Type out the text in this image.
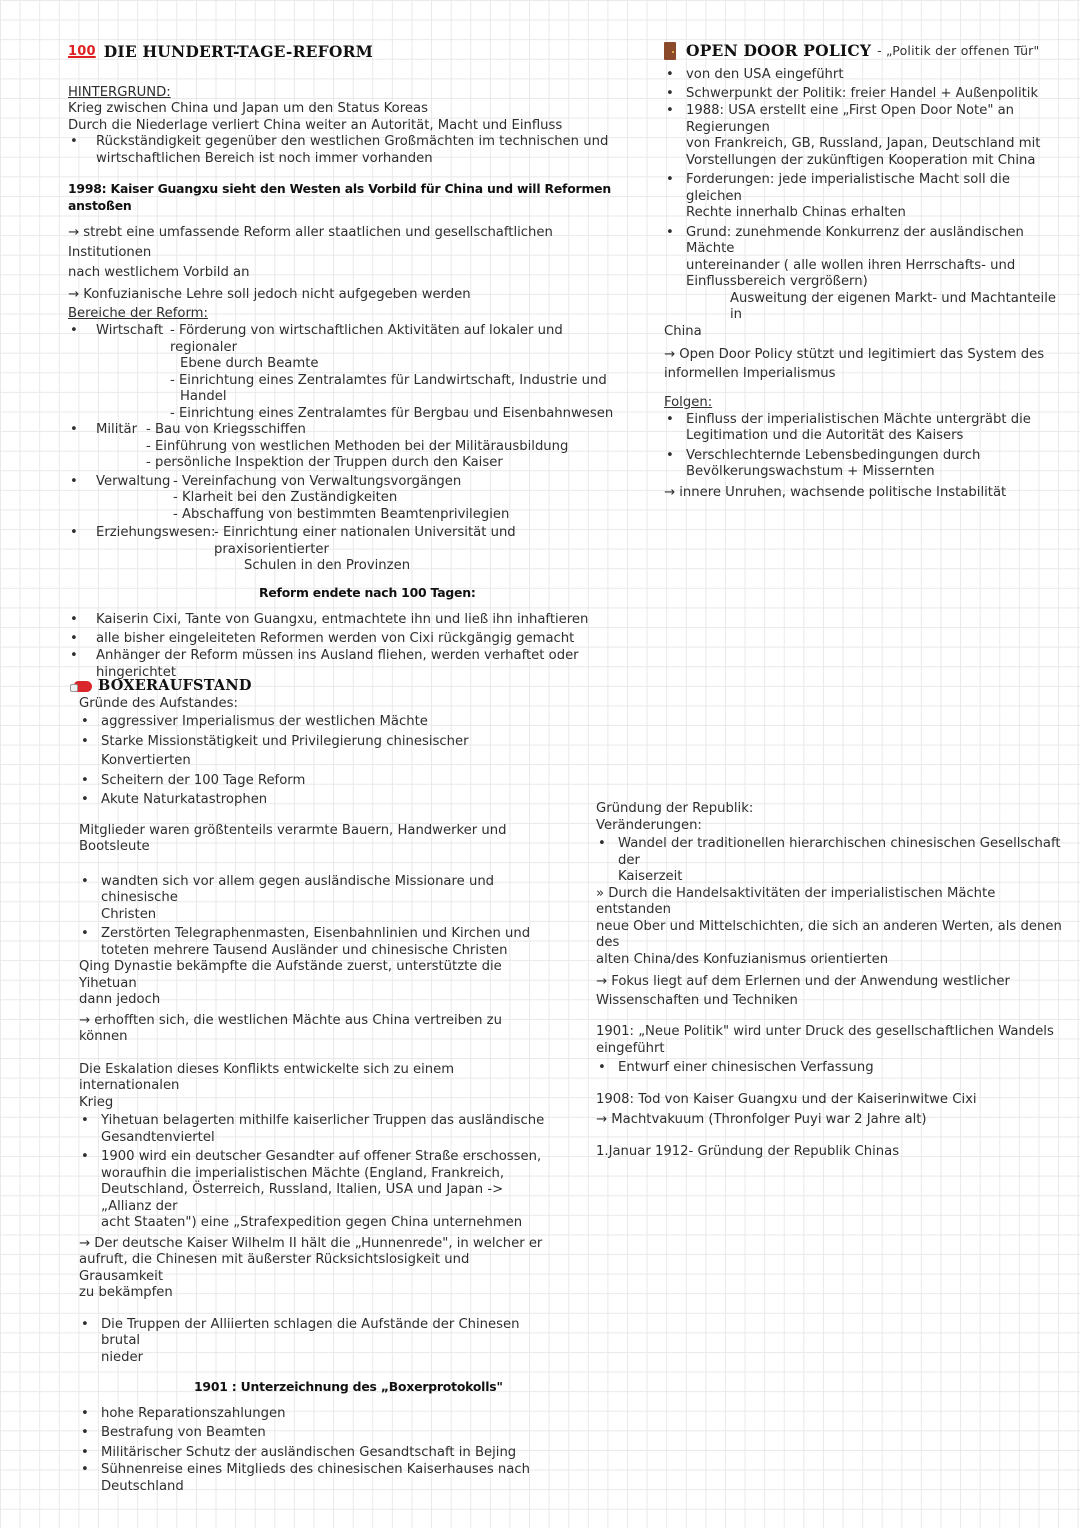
100 DIE HUNDERT-TAGE-REFORM
HINTERGRUND:
Krieg zwischen China und Japan um den Status Koreas
Durch die Niederlage verliert China weiter an Autorität, Macht und Einfluss
•	Rückständigkeit gegenüber den westlichen Großmächten im technischen und
wirtschaftlichen Bereich ist noch immer vorhanden
1998: Kaiser Guangxu sieht den Westen als Vorbild für China und will Reformen anstoßen
→ strebt eine umfassende Reform aller staatlichen und gesellschaftlichen Institutionen
nach westlichem Vorbild an
→ Konfuzianische Lehre soll jedoch nicht aufgegeben werden
Bereiche der Reform:
•	Wirtschaft - Förderung von wirtschaftlichen Aktivitäten auf lokaler und regionaler
Ebene durch Beamte
- Einrichtung eines Zentralamtes für Landwirtschaft, Industrie und
Handel
- Einrichtung eines Zentralamtes für Bergbau und Eisenbahnwesen
•	Militär - Bau von Kriegsschiffen
- Einführung von westlichen Methoden bei der Militärausbildung
- persönliche Inspektion der Truppen durch den Kaiser
•	Verwaltung - Vereinfachung von Verwaltungsvorgängen
- Klarheit bei den Zuständigkeiten
- Abschaffung von bestimmten Beamtenprivilegien
•	Erziehungswesen:
- Einrichtung einer nationalen Universität und praxisorientierter
Schulen in den Provinzen
Reform endete nach 100 Tagen:
•	Kaiserin Cixi, Tante von Guangxu, entmachtete ihn und ließ ihn inhaftieren
•	alle bisher eingeleiteten Reformen werden von Cixi rückgängig gemacht
•	Anhänger der Reform müssen ins Ausland fliehen, werden verhaftet oder
hingerichtet
OPEN DOOR POLICY - „Politik der offenen Tür"
• von den USA eingeführt
• Schwerpunkt der Politik: freier Handel + Außenpolitik
• 1988: USA erstellt eine „First Open Door Note" an Regierungen
von Frankreich, GB, Russland, Japan, Deutschland mit
Vorstellungen der zukünftigen Kooperation mit China
• Forderungen: jede imperialistische Macht soll die gleichen
Rechte innerhalb Chinas erhalten
• Grund: zunehmende Konkurrenz der ausländischen Mächte
untereinander ( alle wollen ihren Herrschafts- und
Einflussbereich vergrößern)
Ausweitung der eigenen Markt- und Machtanteile in
China
→ Open Door Policy stützt und legitimiert das System des
informellen Imperialismus
Folgen:
• Einfluss der imperialistischen Mächte untergräbt die
Legitimation und die Autorität des Kaisers
• Verschlechternde Lebensbedingungen durch
Bevölkerungswachstum + Missernten
→ innere Unruhen, wachsende politische Instabilität
BOXERAUFSTAND
Gründe des Aufstandes:
• aggressiver Imperialismus der westlichen Mächte
• Starke Missionstätigkeit und Privilegierung chinesischer Konvertierten
• Scheitern der 100 Tage Reform
• Akute Naturkatastrophen
Mitglieder waren größtenteils verarmte Bauern, Handwerker und
Bootsleute
• wandten sich vor allem gegen ausländische Missionare und chinesische
Christen
• Zerstörten Telegraphenmasten, Eisenbahnlinien und Kirchen und
toteten mehrere Tausend Ausländer und chinesische Christen
Qing Dynastie bekämpfte die Aufstände zuerst, unterstützte die Yihetuan
dann jedoch
→ erhofften sich, die westlichen Mächte aus China vertreiben zu können
Die Eskalation dieses Konflikts entwickelte sich zu einem internationalen
Krieg
• Yihetuan belagerten mithilfe kaiserlicher Truppen das ausländische
Gesandtenviertel
• 1900 wird ein deutscher Gesandter auf offener Straße erschossen,
woraufhin die imperialistischen Mächte (England, Frankreich,
Deutschland, Österreich, Russland, Italien, USA und Japan -> „Allianz der
acht Staaten") eine „Strafexpedition gegen China unternehmen
→ Der deutsche Kaiser Wilhelm II hält die „Hunnenrede", in welcher er
aufruft, die Chinesen mit äußerster Rücksichtslosigkeit und Grausamkeit
zu bekämpfen
• Die Truppen der Alliierten schlagen die Aufstände der Chinesen brutal
nieder
1901 : Unterzeichnung des „Boxerprotokolls"
• hohe Reparationszahlungen
• Bestrafung von Beamten
• Militärischer Schutz der ausländischen Gesandtschaft in Bejing
• Sühnenreise eines Mitglieds des chinesischen Kaiserhauses nach
Deutschland
Gründung der Republik:
Veränderungen:
• Wandel der traditionellen hierarchischen chinesischen Gesellschaft der
Kaiserzeit
» Durch die Handelsaktivitäten der imperialistischen Mächte entstanden
neue Ober und Mittelschichten, die sich an anderen Werten, als denen des
alten China/des Konfuzianismus orientierten
→ Fokus liegt auf dem Erlernen und der Anwendung westlicher
Wissenschaften und Techniken
1901: „Neue Politik" wird unter Druck des gesellschaftlichen Wandels
eingeführt
• Entwurf einer chinesischen Verfassung
1908: Tod von Kaiser Guangxu und der Kaiserinwitwe Cixi
→ Machtvakuum (Thronfolger Puyi war 2 Jahre alt)
1.Januar 1912- Gründung der Republik Chinas
